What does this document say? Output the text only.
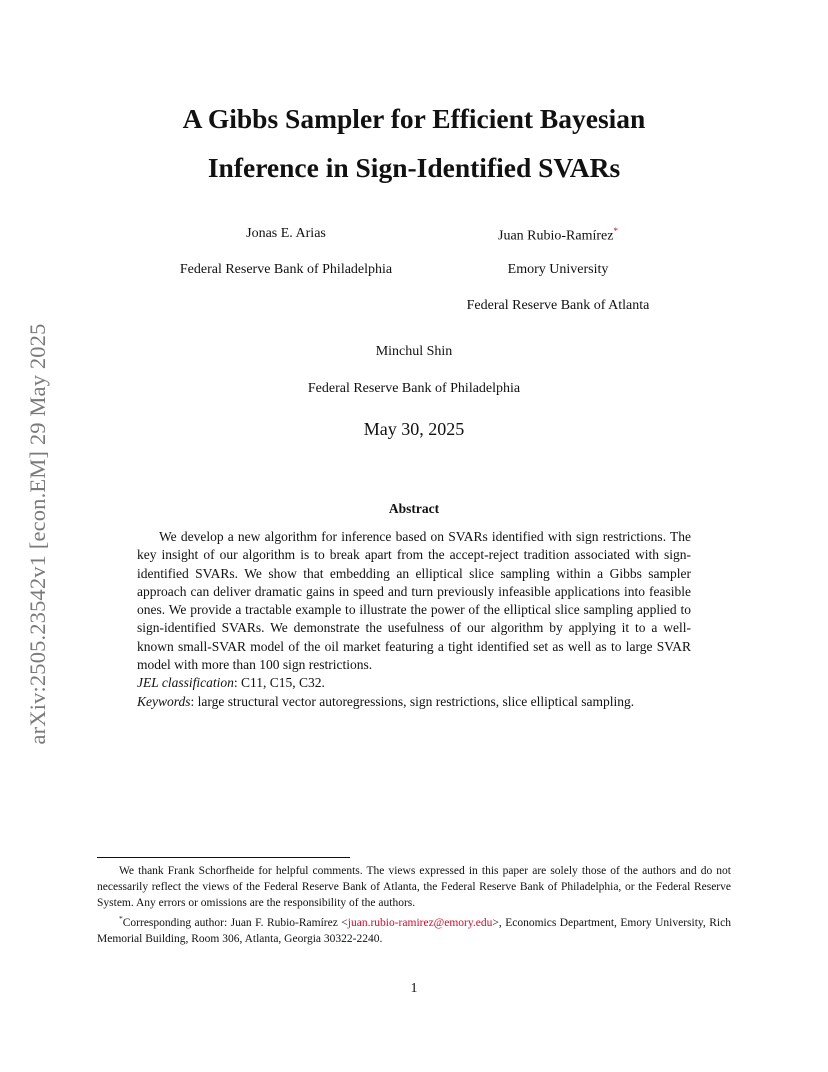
arXiv:2505.23542v1 [econ.EM] 29 May 2025
A Gibbs Sampler for Efficient Bayesian
Inference in Sign-Identified SVARs
Jonas E. Arias
Federal Reserve Bank of Philadelphia
Juan Rubio-Ramírez*
Emory University
Federal Reserve Bank of Atlanta
Minchul Shin
Federal Reserve Bank of Philadelphia
May 30, 2025
Abstract

We develop a new algorithm for inference based on SVARs identified with sign restrictions. The key insight of our algorithm is to break apart from the accept-reject tradition associated with sign-identified SVARs. We show that embedding an elliptical slice sampling within a Gibbs sampler approach can deliver dramatic gains in speed and turn previously infeasible applications into feasible ones. We provide a tractable example to illustrate the power of the elliptical slice sampling applied to sign-identified SVARs. We demonstrate the usefulness of our algorithm by applying it to a well-known small-SVAR model of the oil market featuring a tight identified set as well as to large SVAR model with more than 100 sign restrictions.

JEL classification: C11, C15, C32.
Keywords: large structural vector autoregressions, sign restrictions, slice elliptical sampling.

We thank Frank Schorfheide for helpful comments. The views expressed in this paper are solely those of the authors and do not necessarily reflect the views of the Federal Reserve Bank of Atlanta, the Federal Reserve Bank of Philadelphia, or the Federal Reserve System. Any errors or omissions are the responsibility of the authors.

*Corresponding author: Juan F. Rubio-Ramírez <juan.rubio-ramirez@emory.edu>, Economics Department, Emory University, Rich Memorial Building, Room 306, Atlanta, Georgia 30322-2240.

1
